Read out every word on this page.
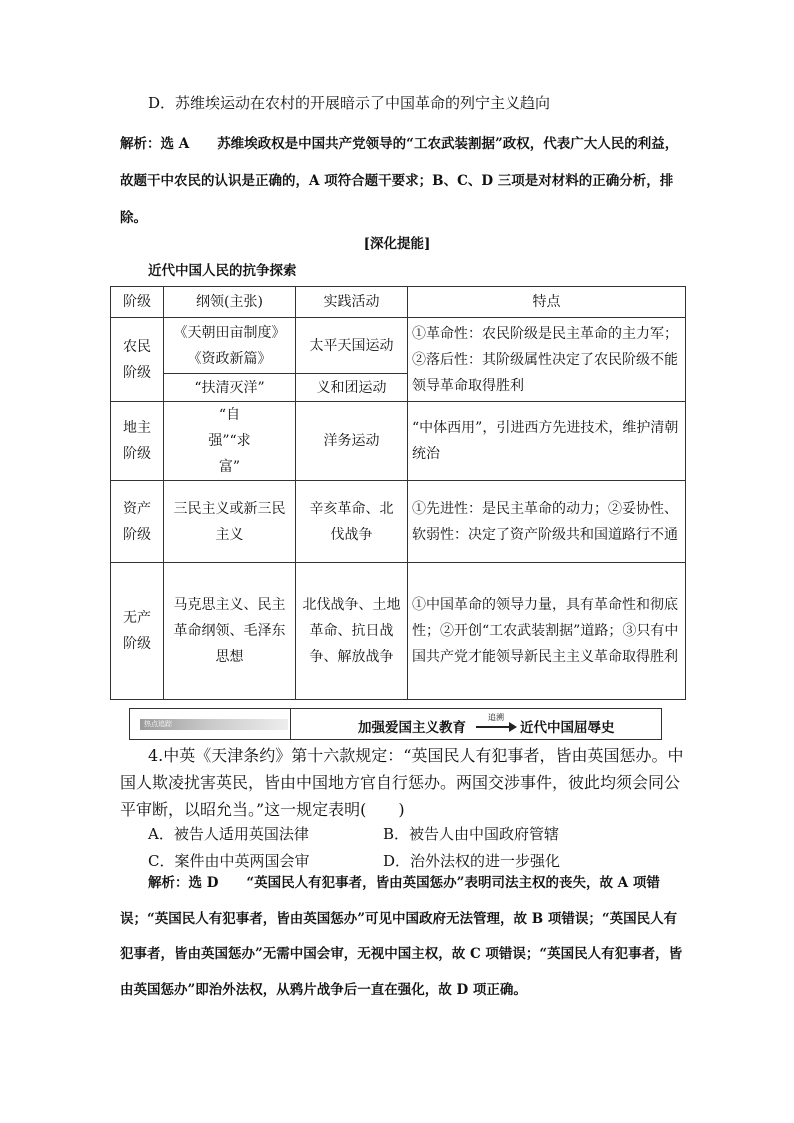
D．苏维埃运动在农村的开展暗示了中国革命的列宁主义趋向
解析：选 A 苏维埃政权是中国共产党领导的“工农武装割据”政权，代表广大人民的利益，故题干中农民的认识是正确的，A 项符合题干要求；B、C、D 三项是对材料的正确分析，排除。
[深化提能]
近代中国人民的抗争探索
阶级	纲领(主张)	实践活动	特点

农民阶级	《天朝田亩制度》《资政新篇》	太平天国运动	①革命性：农民阶级是民主革命的主力军；②落后性：其阶级属性决定了农民阶级不能领导革命取得胜利
	“扶清灭洋”	义和团运动	

地主阶级	“自强”“求富”	洋务运动	“中体西用”，引进西方先进技术，维护清朝统治

资产阶级	三民主义或新三民主义	辛亥革命、北伐战争	①先进性：是民主革命的动力；②妥协性、软弱性：决定了资产阶级共和国道路行不通

无产阶级	马克思主义、民主革命纲领、毛泽东思想	北伐战争、土地革命、抗日战争、解放战争	①中国革命的领导力量，具有革命性和彻底性；②开创“工农武装割据”道路；③只有中国共产党才能领导新民主主义革命取得胜利
热点追踪	加强爱国主义教育
追溯
近代中国屈辱史
4.中英《天津条约》第十六款规定：“英国民人有犯事者，皆由英国惩办。中国人欺凌扰害英民，皆由中国地方官自行惩办。两国交涉事件，彼此均须会同公平审断，以昭允当。”这一规定表明(　　)
A．被告人适用英国法律	B．被告人由中国政府管辖
C．案件由中英两国会审	D．治外法权的进一步强化
解析：选 D “英国民人有犯事者，皆由英国惩办”表明司法主权的丧失，故 A 项错误；“英国民人有犯事者，皆由英国惩办”可见中国政府无法管理，故 B 项错误；“英国民人有犯事者，皆由英国惩办”无需中国会审，无视中国主权，故 C 项错误；“英国民人有犯事者，皆由英国惩办”即治外法权，从鸦片战争后一直在强化，故 D 项正确。
